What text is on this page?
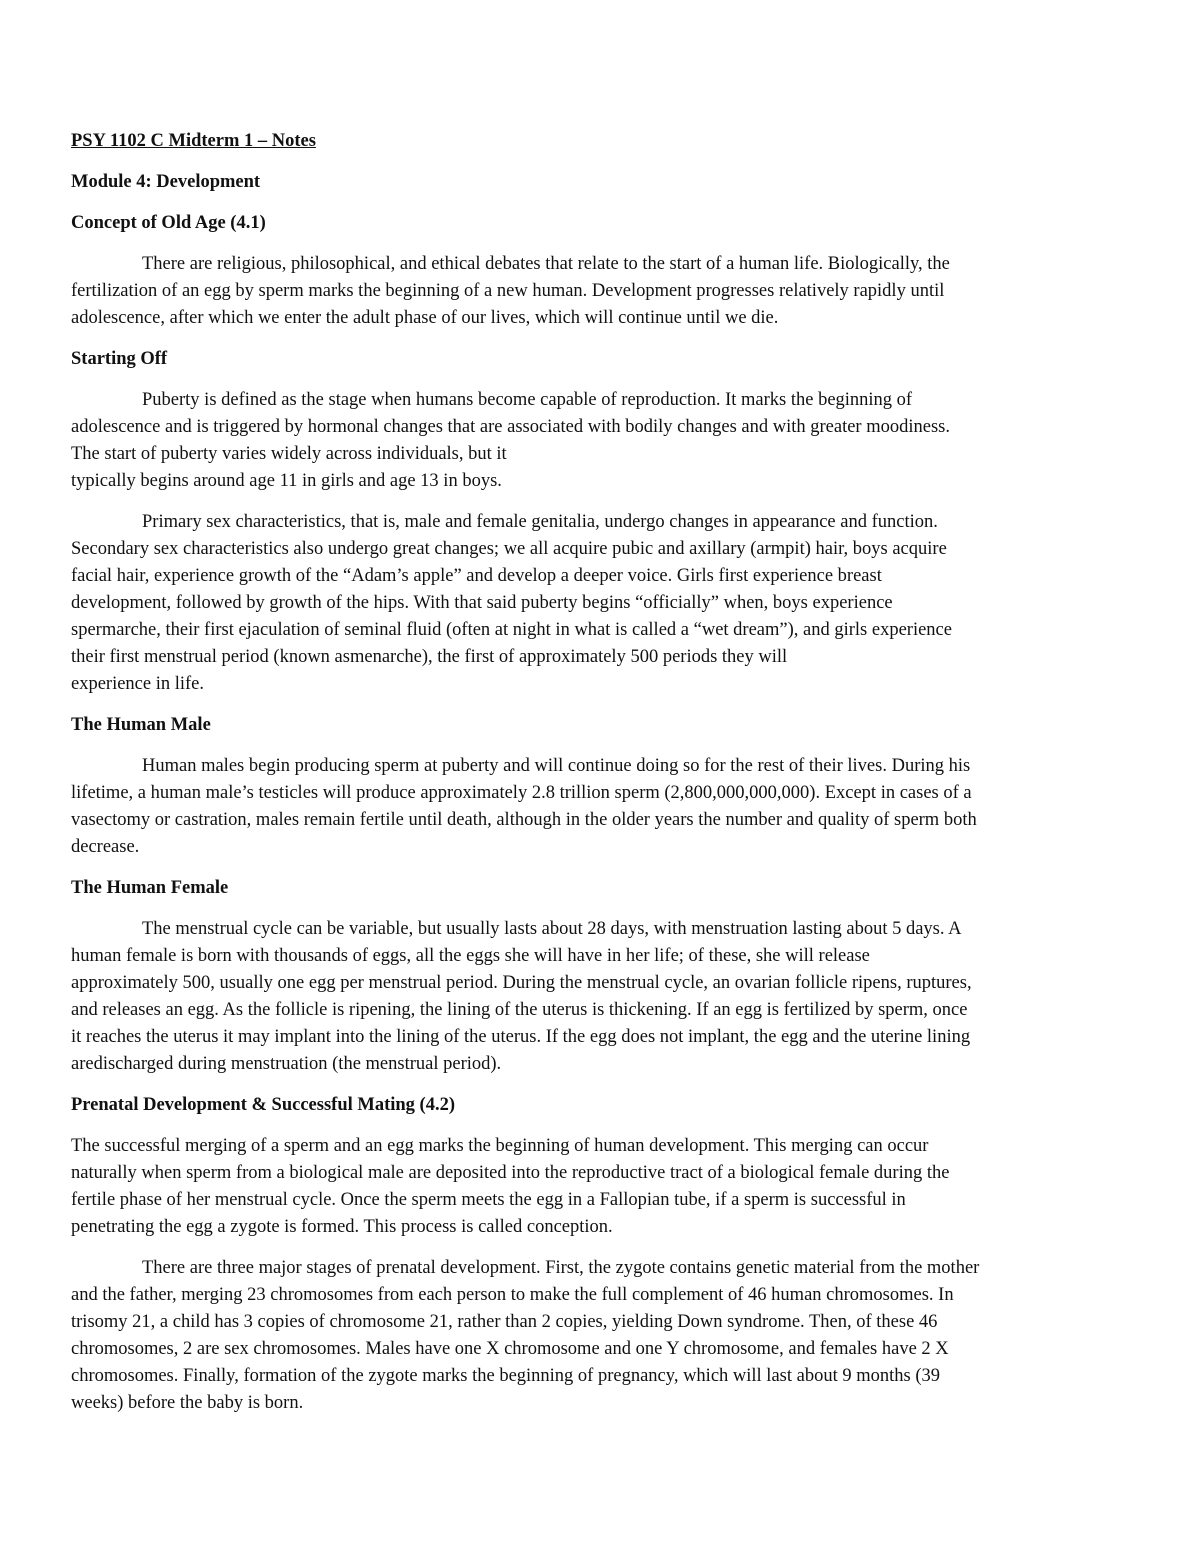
PSY 1102 C Midterm 1 – Notes
Module 4: Development
Concept of Old Age (4.1)
There are religious, philosophical, and ethical debates that relate to the start of a human life. Biologically, the
fertilization of an egg by sperm marks the beginning of a new human. Development progresses relatively rapidly until
adolescence, after which we enter the adult phase of our lives, which will continue until we die.
Starting Off
Puberty is defined as the stage when humans become capable of reproduction. It marks the beginning of
adolescence and is triggered by hormonal changes that are associated with bodily changes and with greater moodiness.
The start of puberty varies widely across individuals, but it
typically begins around age 11 in girls and age 13 in boys.
Primary sex characteristics, that is, male and female genitalia, undergo changes in appearance and function.
Secondary sex characteristics also undergo great changes; we all acquire pubic and axillary (armpit) hair, boys acquire
facial hair, experience growth of the “Adam’s apple” and develop a deeper voice. Girls first experience breast
development, followed by growth of the hips. With that said puberty begins “officially” when, boys experience
spermarche, their first ejaculation of seminal fluid (often at night in what is called a “wet dream”), and girls experience
their first menstrual period (known asmenarche), the first of approximately 500 periods they will
experience in life.
The Human Male
Human males begin producing sperm at puberty and will continue doing so for the rest of their lives. During his
lifetime, a human male’s testicles will produce approximately 2.8 trillion sperm (2,800,000,000,000). Except in cases of a
vasectomy or castration, males remain fertile until death, although in the older years the number and quality of sperm both
decrease.
The Human Female
The menstrual cycle can be variable, but usually lasts about 28 days, with menstruation lasting about 5 days. A
human female is born with thousands of eggs, all the eggs she will have in her life; of these, she will release
approximately 500, usually one egg per menstrual period. During the menstrual cycle, an ovarian follicle ripens, ruptures,
and releases an egg. As the follicle is ripening, the lining of the uterus is thickening. If an egg is fertilized by sperm, once
it reaches the uterus it may implant into the lining of the uterus. If the egg does not implant, the egg and the uterine lining
aredischarged during menstruation (the menstrual period).
Prenatal Development & Successful Mating (4.2)
The successful merging of a sperm and an egg marks the beginning of human development. This merging can occur
naturally when sperm from a biological male are deposited into the reproductive tract of a biological female during the
fertile phase of her menstrual cycle. Once the sperm meets the egg in a Fallopian tube, if a sperm is successful in
penetrating the egg a zygote is formed. This process is called conception.
There are three major stages of prenatal development. First, the zygote contains genetic material from the mother
and the father, merging 23 chromosomes from each person to make the full complement of 46 human chromosomes. In
trisomy 21, a child has 3 copies of chromosome 21, rather than 2 copies, yielding Down syndrome. Then, of these 46
chromosomes, 2 are sex chromosomes. Males have one X chromosome and one Y chromosome, and females have 2 X
chromosomes. Finally, formation of the zygote marks the beginning of pregnancy, which will last about 9 months (39
weeks) before the baby is born.
